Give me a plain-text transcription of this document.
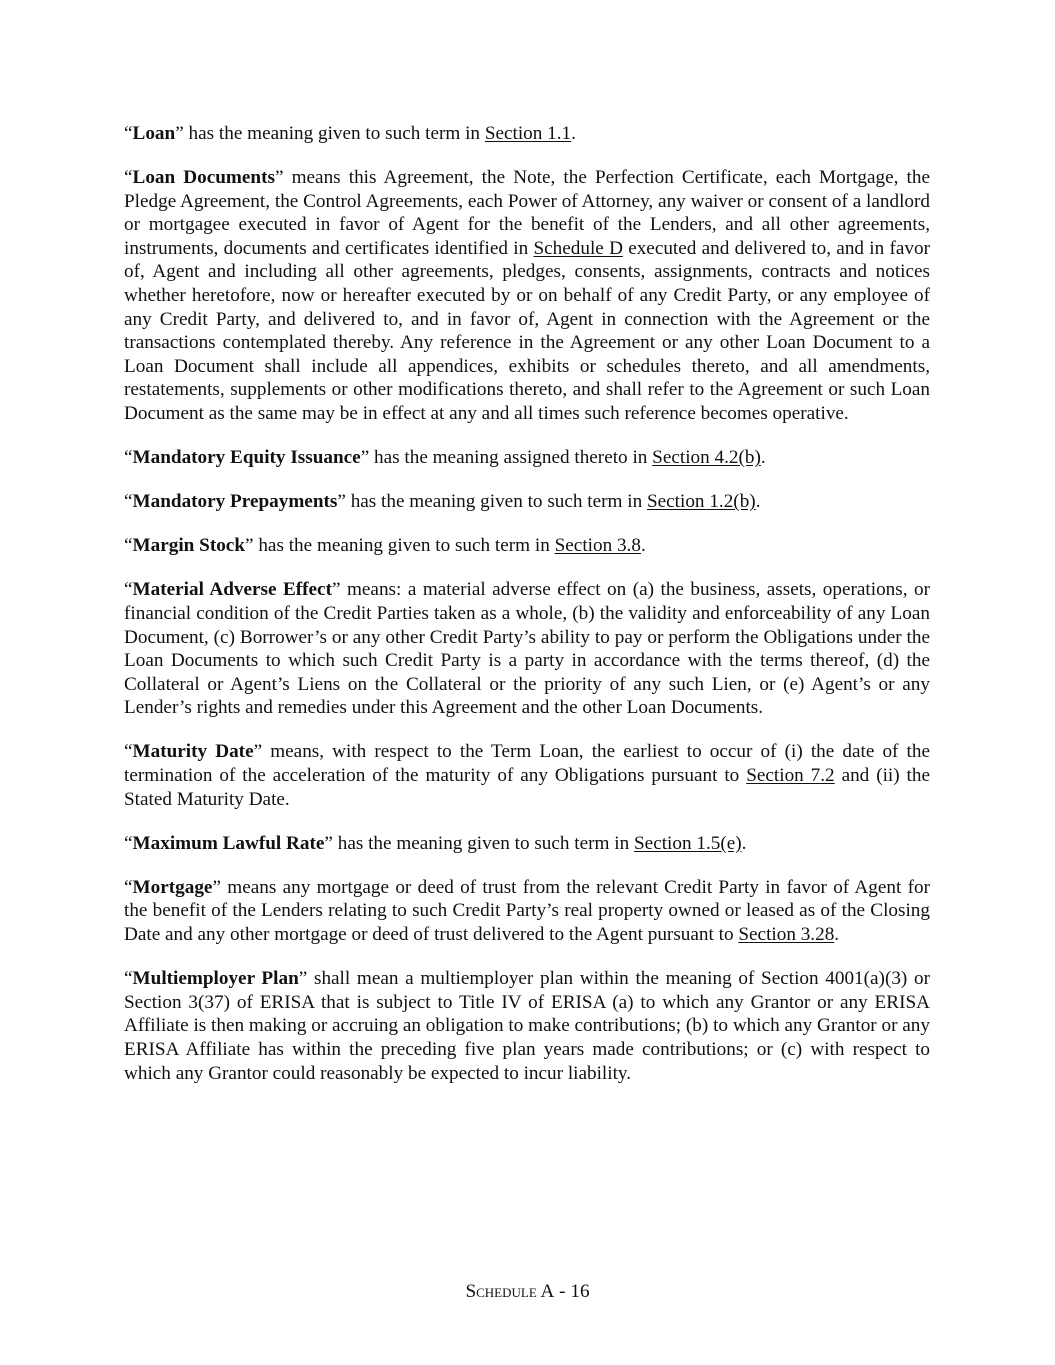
“Loan” has the meaning given to such term in Section 1.1.

“Loan Documents” means this Agreement, the Note, the Perfection Certificate, each Mortgage, the Pledge Agreement, the Control Agreements, each Power of Attorney, any waiver or consent of a landlord or mortgagee executed in favor of Agent for the benefit of the Lenders, and all other agreements, instruments, documents and certificates identified in Schedule D executed and delivered to, and in favor of, Agent and including all other agreements, pledges, consents, assignments, contracts and notices whether heretofore, now or hereafter executed by or on behalf of any Credit Party, or any employee of any Credit Party, and delivered to, and in favor of, Agent in connection with the Agreement or the transactions contemplated thereby. Any reference in the Agreement or any other Loan Document to a Loan Document shall include all appendices, exhibits or schedules thereto, and all amendments, restatements, supplements or other modifications thereto, and shall refer to the Agreement or such Loan Document as the same may be in effect at any and all times such reference becomes operative.

“Mandatory Equity Issuance” has the meaning assigned thereto in Section 4.2(b).

“Mandatory Prepayments” has the meaning given to such term in Section 1.2(b).

“Margin Stock” has the meaning given to such term in Section 3.8.

“Material Adverse Effect” means: a material adverse effect on (a) the business, assets, operations, or financial condition of the Credit Parties taken as a whole, (b) the validity and enforceability of any Loan Document, (c) Borrower’s or any other Credit Party’s ability to pay or perform the Obligations under the Loan Documents to which such Credit Party is a party in accordance with the terms thereof, (d) the Collateral or Agent’s Liens on the Collateral or the priority of any such Lien, or (e) Agent’s or any Lender’s rights and remedies under this Agreement and the other Loan Documents.

“Maturity Date” means, with respect to the Term Loan, the earliest to occur of (i) the date of the termination of the acceleration of the maturity of any Obligations pursuant to Section 7.2 and (ii) the Stated Maturity Date.

“Maximum Lawful Rate” has the meaning given to such term in Section 1.5(e).

“Mortgage” means any mortgage or deed of trust from the relevant Credit Party in favor of Agent for the benefit of the Lenders relating to such Credit Party’s real property owned or leased as of the Closing Date and any other mortgage or deed of trust delivered to the Agent pursuant to Section 3.28.

“Multiemployer Plan” shall mean a multiemployer plan within the meaning of Section 4001(a)(3) or Section 3(37) of ERISA that is subject to Title IV of ERISA (a) to which any Grantor or any ERISA Affiliate is then making or accruing an obligation to make contributions; (b) to which any Grantor or any ERISA Affiliate has within the preceding five plan years made contributions; or (c) with respect to which any Grantor could reasonably be expected to incur liability.

Schedule A - 16
